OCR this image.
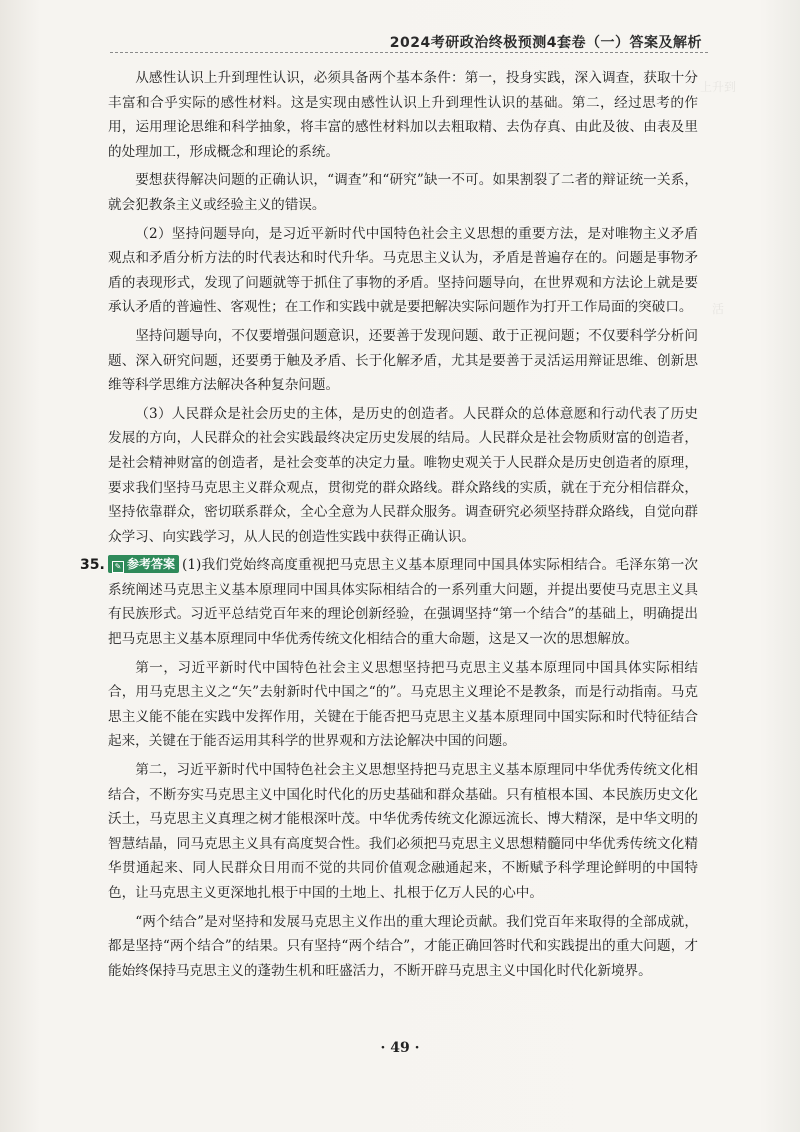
上升到
活
2024考研政治终极预测4套卷（一）答案及解析

从感性认识上升到理性认识，必须具备两个基本条件：第一，投身实践，深入调查，获取十分丰富和合乎实际的感性材料。这是实现由感性认识上升到理性认识的基础。第二，经过思考的作用，运用理论思维和科学抽象，将丰富的感性材料加以去粗取精、去伪存真、由此及彼、由表及里的处理加工，形成概念和理论的系统。

要想获得解决问题的正确认识，“调查”和“研究”缺一不可。如果割裂了二者的辩证统一关系，就会犯教条主义或经验主义的错误。

（2）坚持问题导向，是习近平新时代中国特色社会主义思想的重要方法，是对唯物主义矛盾观点和矛盾分析方法的时代表达和时代升华。马克思主义认为，矛盾是普遍存在的。问题是事物矛盾的表现形式，发现了问题就等于抓住了事物的矛盾。坚持问题导向，在世界观和方法论上就是要承认矛盾的普遍性、客观性；在工作和实践中就是要把解决实际问题作为打开工作局面的突破口。

坚持问题导向，不仅要增强问题意识，还要善于发现问题、敢于正视问题；不仅要科学分析问题、深入研究问题，还要勇于触及矛盾、长于化解矛盾，尤其是要善于灵活运用辩证思维、创新思维等科学思维方法解决各种复杂问题。

（3）人民群众是社会历史的主体，是历史的创造者。人民群众的总体意愿和行动代表了历史发展的方向，人民群众的社会实践最终决定历史发展的结局。人民群众是社会物质财富的创造者，是社会精神财富的创造者，是社会变革的决定力量。唯物史观关于人民群众是历史创造者的原理，要求我们坚持马克思主义群众观点，贯彻党的群众路线。群众路线的实质，就在于充分相信群众，坚持依靠群众，密切联系群众，全心全意为人民群众服务。调查研究必须坚持群众路线，自觉向群众学习、向实践学习，从人民的创造性实践中获得正确认识。

35. ✎ 参考答案 (1)我们党始终高度重视把马克思主义基本原理同中国具体实际相结合。毛泽东第一次系统阐述马克思主义基本原理同中国具体实际相结合的一系列重大问题，并提出要使马克思主义具有民族形式。习近平总结党百年来的理论创新经验，在强调坚持“第一个结合”的基础上，明确提出把马克思主义基本原理同中华优秀传统文化相结合的重大命题，这是又一次的思想解放。

第一，习近平新时代中国特色社会主义思想坚持把马克思主义基本原理同中国具体实际相结合，用马克思主义之“矢”去射新时代中国之“的”。马克思主义理论不是教条，而是行动指南。马克思主义能不能在实践中发挥作用，关键在于能否把马克思主义基本原理同中国实际和时代特征结合起来，关键在于能否运用其科学的世界观和方法论解决中国的问题。

第二，习近平新时代中国特色社会主义思想坚持把马克思主义基本原理同中华优秀传统文化相结合，不断夯实马克思主义中国化时代化的历史基础和群众基础。只有植根本国、本民族历史文化沃土，马克思主义真理之树才能根深叶茂。中华优秀传统文化源远流长、博大精深，是中华文明的智慧结晶，同马克思主义具有高度契合性。我们必须把马克思主义思想精髓同中华优秀传统文化精华贯通起来、同人民群众日用而不觉的共同价值观念融通起来，不断赋予科学理论鲜明的中国特色，让马克思主义更深地扎根于中国的土地上、扎根于亿万人民的心中。

“两个结合”是对坚持和发展马克思主义作出的重大理论贡献。我们党百年来取得的全部成就，都是坚持“两个结合”的结果。只有坚持“两个结合”，才能正确回答时代和实践提出的重大问题，才能始终保持马克思主义的蓬勃生机和旺盛活力，不断开辟马克思主义中国化时代化新境界。

· 49 ·
